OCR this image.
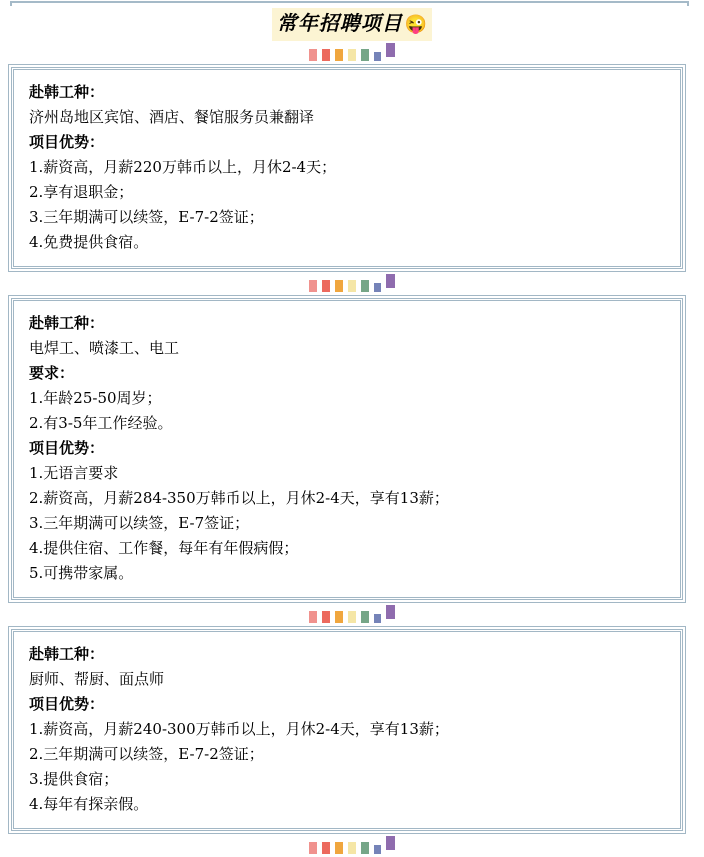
常年招聘项目 😜
赴韩工种：
济州岛地区宾馆、酒店、餐馆服务员兼翻译
项目优势：
1.薪资高，月薪220万韩币以上，月休2-4天；
2.享有退职金；
3.三年期满可以续签，E-7-2签证；
4.免费提供食宿。
赴韩工种：
电焊工、喷漆工、电工
要求：
1.年龄25-50周岁；
2.有3-5年工作经验。
项目优势：
1.无语言要求
2.薪资高，月薪284-350万韩币以上，月休2-4天，享有13薪；
3.三年期满可以续签，E-7签证；
4.提供住宿、工作餐，每年有年假病假；
5.可携带家属。
赴韩工种：
厨师、帮厨、面点师
项目优势：
1.薪资高，月薪240-300万韩币以上，月休2-4天，享有13薪；
2.三年期满可以续签，E-7-2签证；
3.提供食宿；
4.每年有探亲假。
